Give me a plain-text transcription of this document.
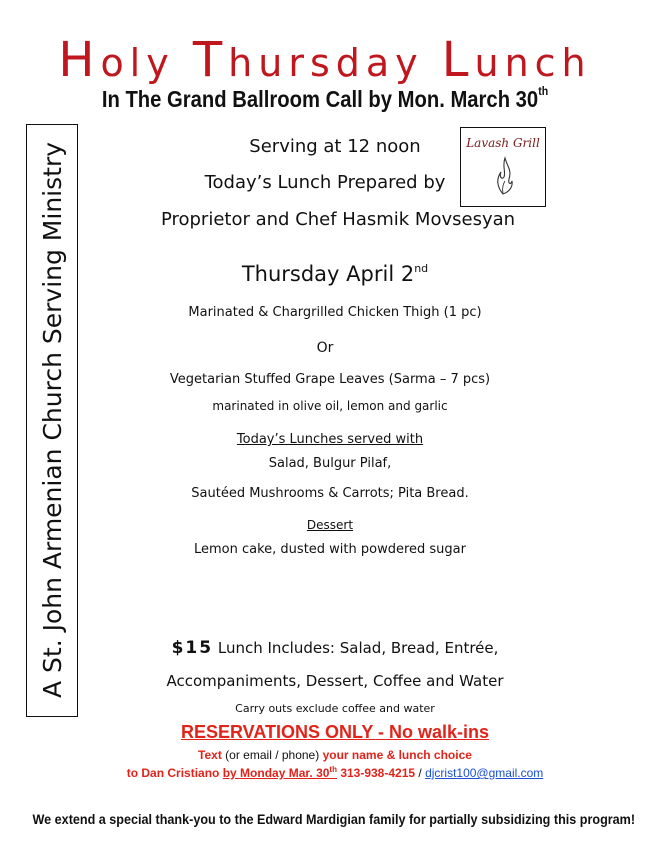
Holy Thursday Lunch
In The Grand Ballroom Call by Mon. March 30th
A St. John Armenian Church Serving Ministry	Lavash Grill
Serving at 12 noon
Today’s Lunch Prepared by
Proprietor and Chef Hasmik Movsesyan
Thursday April 2nd
Marinated & Chargrilled Chicken Thigh (1 pc)
Or
Vegetarian Stuffed Grape Leaves (Sarma – 7 pcs)
marinated in olive oil, lemon and garlic
Today’s Lunches served with
Salad, Bulgur Pilaf,
Sautéed Mushrooms & Carrots; Pita Bread.
Dessert
Lemon cake, dusted with powdered sugar
$15 Lunch Includes: Salad, Bread, Entrée,
Accompaniments, Dessert, Coffee and Water
Carry outs exclude coffee and water
RESERVATIONS ONLY - No walk-ins
Text (or email / phone) your name & lunch choice
to Dan Cristiano by Monday Mar. 30th 313-938-4215 / djcrist100@gmail.com
We extend a special thank-you to the Edward Mardigian family for partially subsidizing this program!
